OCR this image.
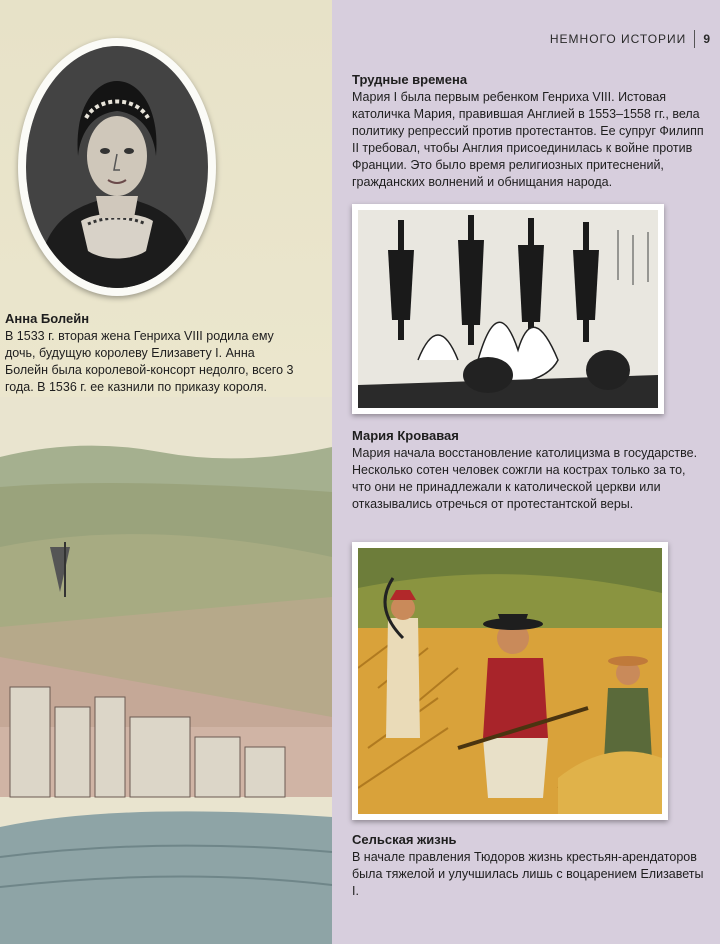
Анна Болейн

В 1533 г. вторая жена Генриха VIII родила ему дочь, будущую королеву Елизавету I. Анна Болейн была королевой-консорт недолго, всего 3 года. В 1536 г. ее казнили по приказу короля.

НЕМНОГО ИСТОРИИ 9

Трудные времена

Мария I была первым ребенком Генриха VIII. Истовая католичка Мария, правившая Англией в 1553–1558 гг., вела политику репрессий против протестантов. Ее супруг Филипп II требовал, чтобы Англия присоединилась к войне против Франции. Это было время религиозных притеснений, гражданских волнений и обнищания народа.

Мария Кровавая

Мария начала восстановление католицизма в государстве. Несколько сотен человек сожгли на кострах только за то, что они не принадлежали к католической церкви или отказывались отречься от протестантской веры.

Сельская жизнь

В начале правления Тюдоров жизнь крестьян-арендаторов была тяжелой и улучшилась лишь с воцарением Елизаветы I.
